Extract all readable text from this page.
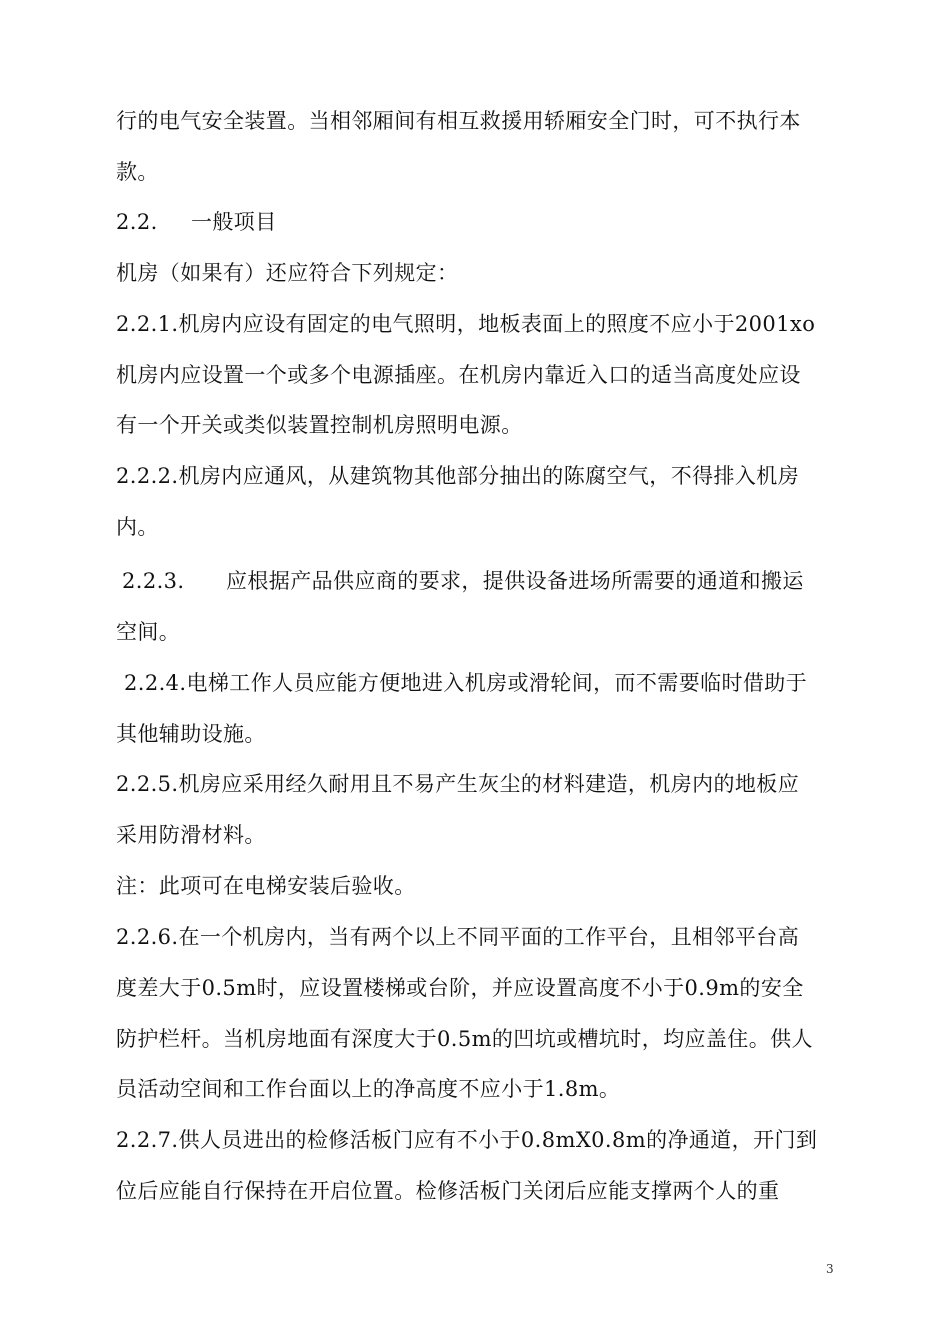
行的电气安全装置。当相邻厢间有相互救援用轿厢安全门时，可不执行本
款。
2.2. 一般项目
机房（如果有）还应符合下列规定：
2.2.1.机房内应设有固定的电气照明，地板表面上的照度不应小于2001xo
机房内应设置一个或多个电源插座。在机房内靠近入口的适当高度处应设
有一个开关或类似装置控制机房照明电源。
2.2.2.机房内应通风，从建筑物其他部分抽出的陈腐空气，不得排入机房
内。
2.2.3. 应根据产品供应商的要求，提供设备进场所需要的通道和搬运
空间。
2.2.4.电梯工作人员应能方便地进入机房或滑轮间，而不需要临时借助于
其他辅助设施。
2.2.5.机房应采用经久耐用且不易产生灰尘的材料建造，机房内的地板应
采用防滑材料。
注：此项可在电梯安装后验收。
2.2.6.在一个机房内，当有两个以上不同平面的工作平台，且相邻平台高
度差大于0.5m时，应设置楼梯或台阶，并应设置高度不小于0.9m的安全
防护栏杆。当机房地面有深度大于0.5m的凹坑或槽坑时，均应盖住。供人
员活动空间和工作台面以上的净高度不应小于1.8m。
2.2.7.供人员进出的检修活板门应有不小于0.8mX0.8m的净通道，开门到
位后应能自行保持在开启位置。检修活板门关闭后应能支撑两个人的重
3
